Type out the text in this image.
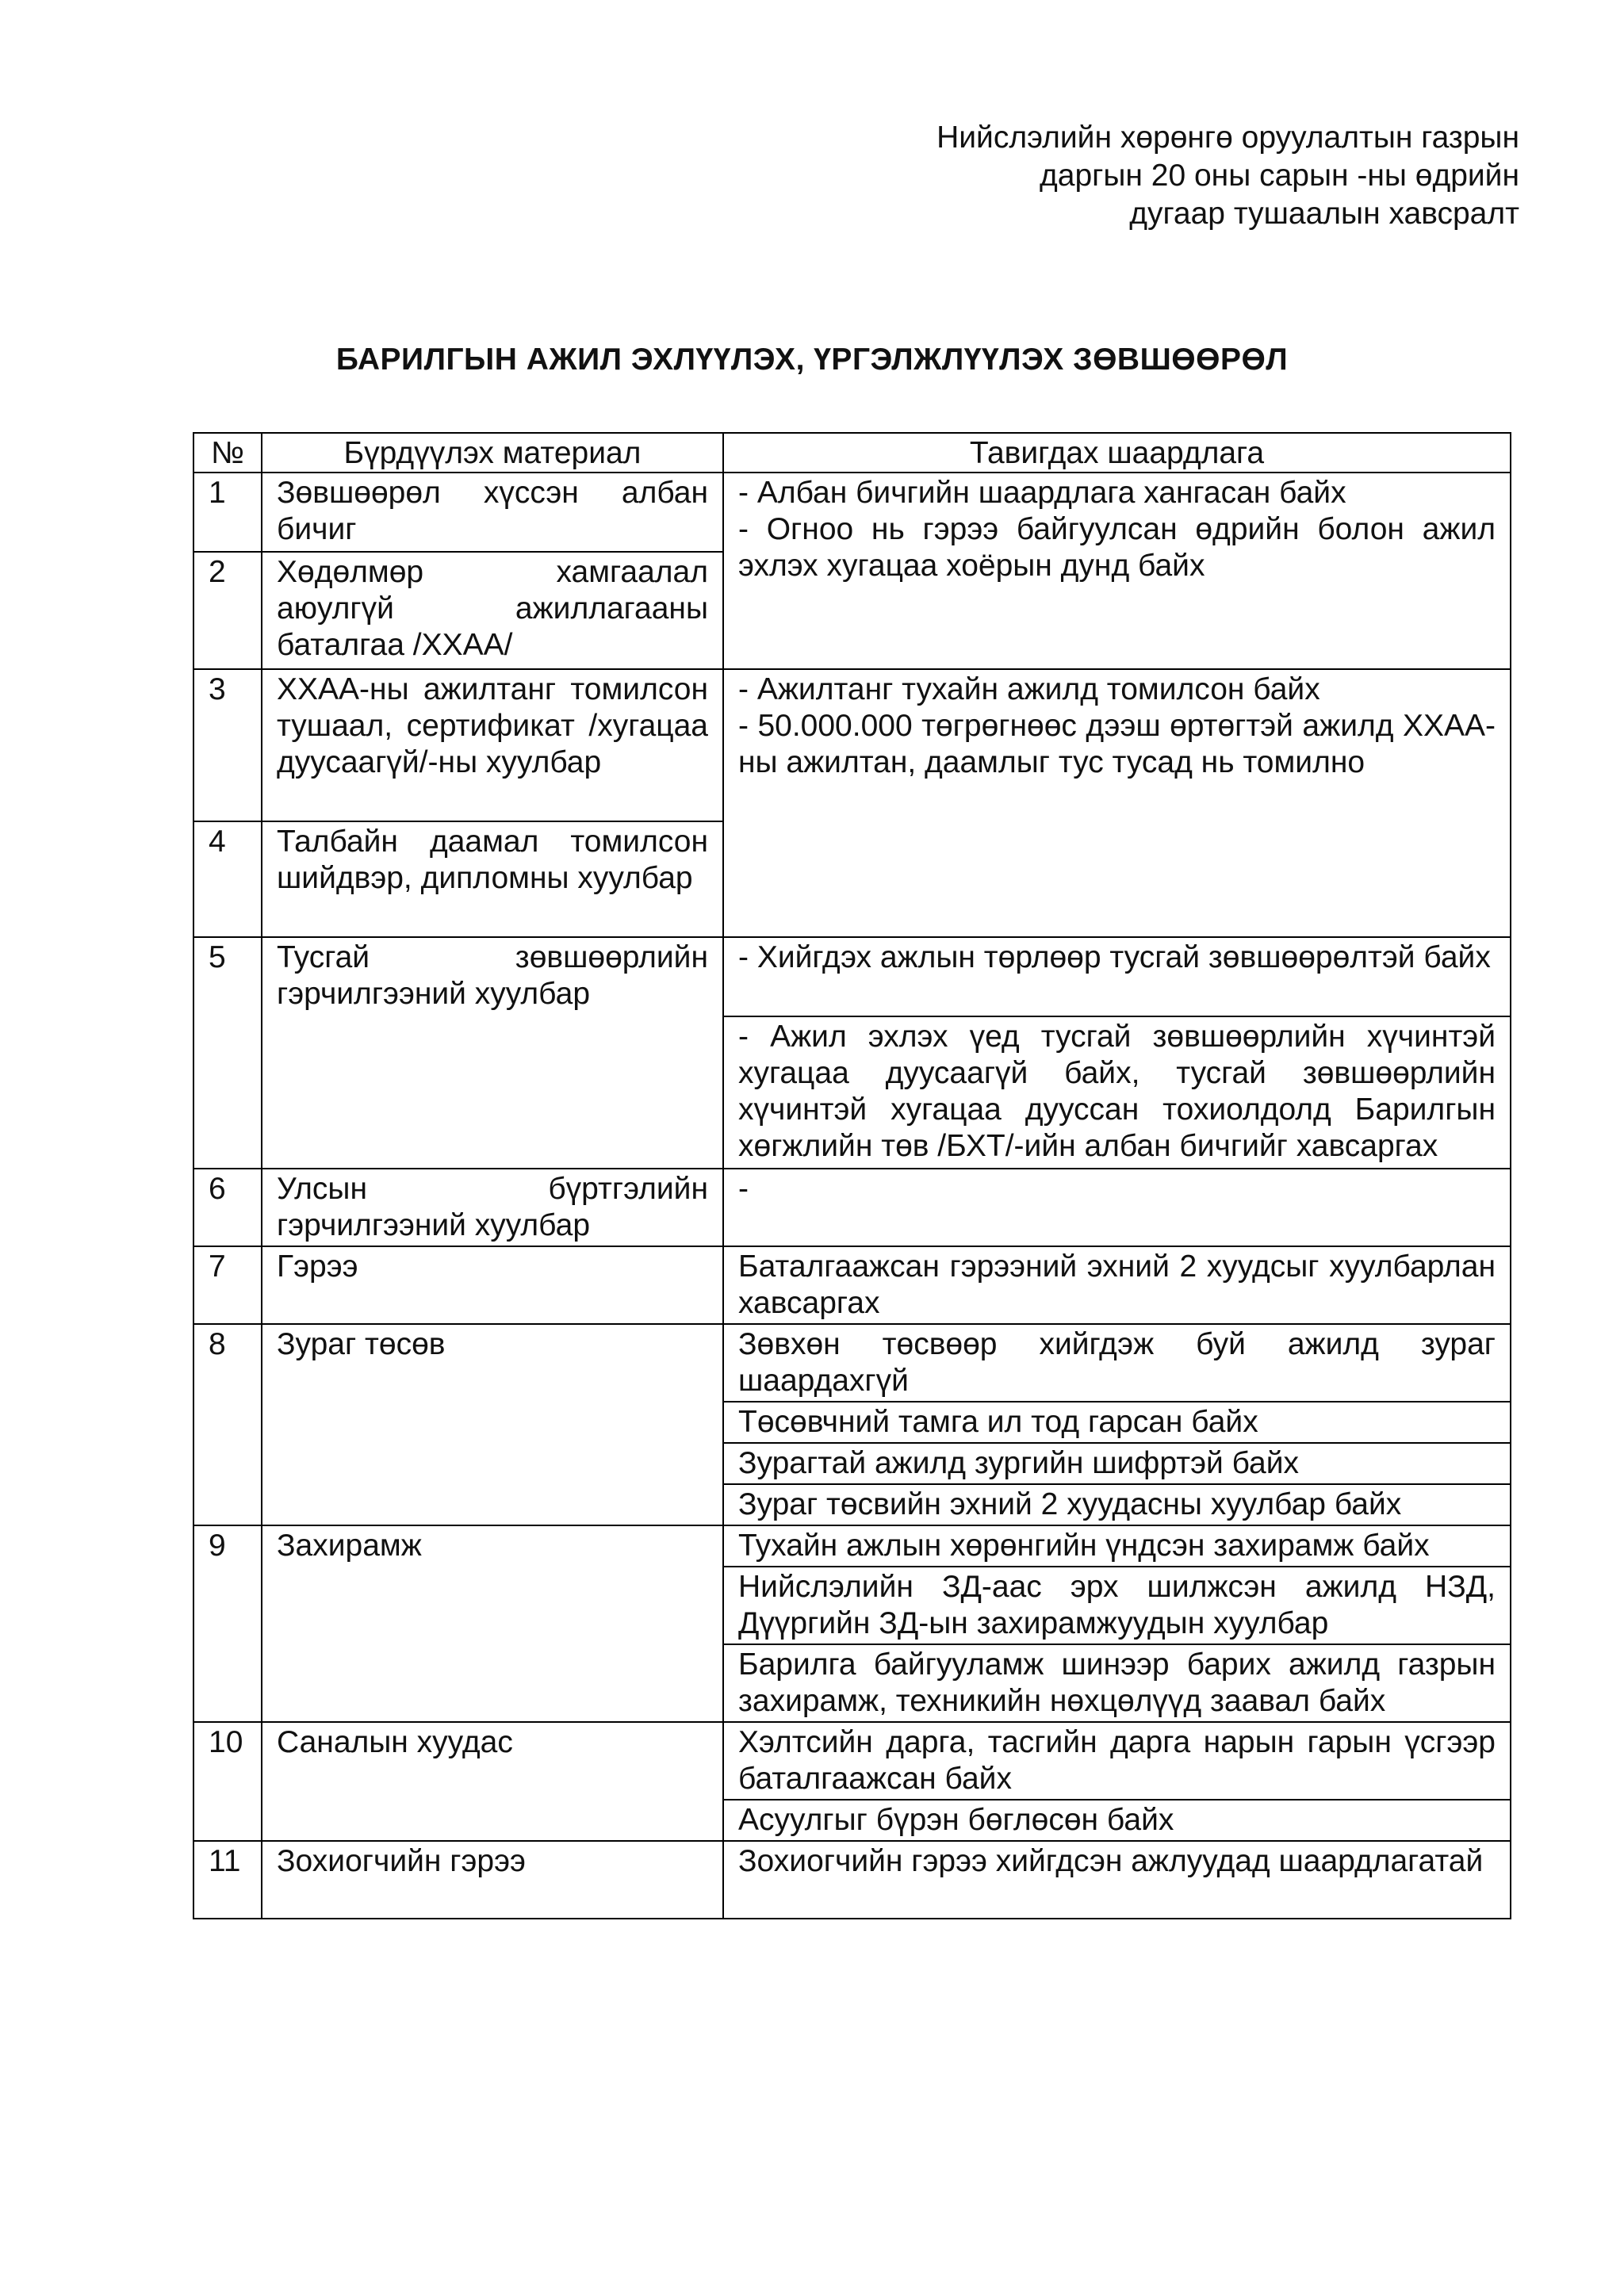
Нийслэлийн хөрөнгө оруулалтын газрын
даргын 20 оны сарын -ны өдрийн
дугаар тушаалын хавсралт
БАРИЛГЫН АЖИЛ ЭХЛҮҮЛЭХ, ҮРГЭЛЖЛҮҮЛЭХ ЗӨВШӨӨРӨЛ
№	Бүрдүүлэх материал	Тавигдах шаардлага
1	Зөвшөөрөл хүссэн албан бичиг	- Албан бичгийн шаардлага хангасан байх
- Огноо нь гэрээ байгуулсан өдрийн болон ажил эхлэх хугацаа хоёрын дунд байх

2	Хөдөлмөр хамгаалал аюулгүй ажиллагааны баталгаа /ХХАА/	
3	ХХАА-ны ажилтанг томилсон тушаал, сертификат /хугацаа дуусаагүй/-ны хуулбар	- Ажилтанг тухайн ажилд томилсон байх
- 50.000.000 төгрөгнөөс дээш өртөгтэй ажилд ХХАА-ны ажилтан, даамлыг тус тусад нь томилно

4	Талбайн даамал томилсон шийдвэр, дипломны хуулбар	
5	Тусгай зөвшөөрлийн гэрчилгээний хуулбар	- Хийгдэх ажлын төрлөөр тусгай зөвшөөрөлтэй байх
		- Ажил эхлэх үед тусгай зөвшөөрлийн хүчинтэй хугацаа дуусаагүй байх, тусгай зөвшөөрлийн хүчинтэй хугацаа дууссан тохиолдолд Барилгын хөгжлийн төв /БХТ/-ийн албан бичгийг хавсаргах
6	Улсын бүртгэлийн гэрчилгээний хуулбар	-
7	Гэрээ	Баталгаажсан гэрээний эхний 2 хуудсыг хуулбарлан хавсаргах
8	Зураг төсөв	Зөвхөн төсвөөр хийгдэж буй ажилд зураг шаардахгүй
		Төсөвчний тамга ил тод гарсан байх
		Зурагтай ажилд зургийн шифртэй байх
		Зураг төсвийн эхний 2 хуудасны хуулбар байх
9	Захирамж	Тухайн ажлын хөрөнгийн үндсэн захирамж байх
		Нийслэлийн ЗД-аас эрх шилжсэн ажилд НЗД, Дүүргийн ЗД-ын захирамжуудын хуулбар
		Барилга байгууламж шинээр барих ажилд газрын захирамж, техникийн нөхцөлүүд заавал байх
10	Саналын хуудас	Хэлтсийн дарга, тасгийн дарга нарын гарын үсгээр баталгаажсан байх
		Асуулгыг бүрэн бөглөсөн байх
11	Зохиогчийн гэрээ	Зохиогчийн гэрээ хийгдсэн ажлуудад шаардлагатай
